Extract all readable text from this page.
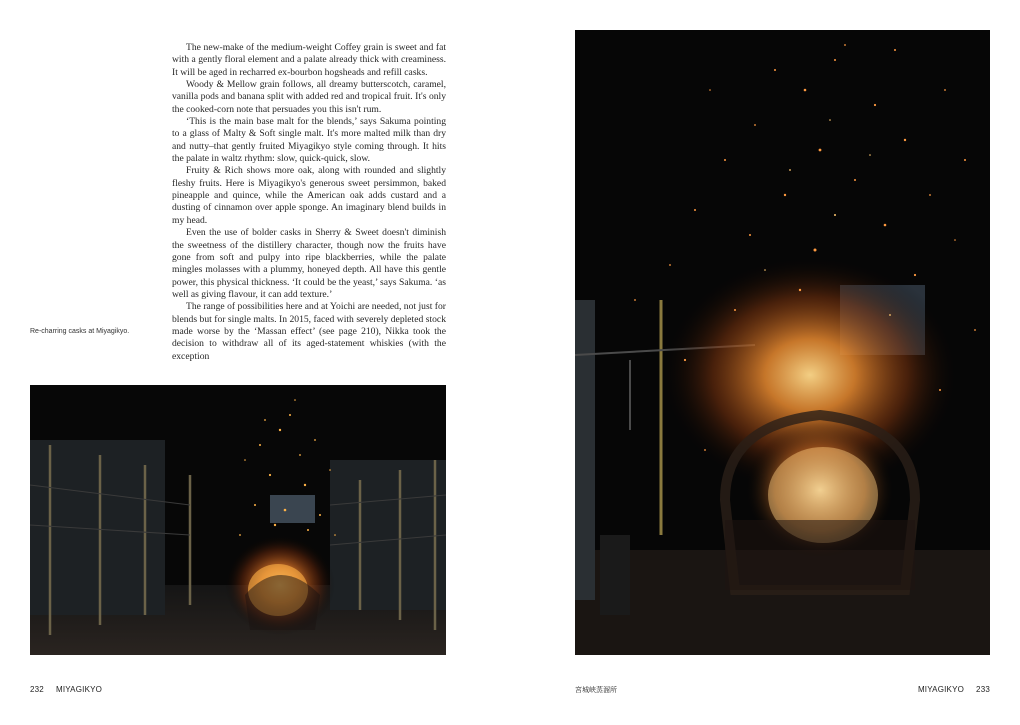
The new-make of the medium-weight Coffey grain is sweet and fat with a gently floral element and a palate already thick with creaminess. It will be aged in recharred ex-bourbon hogsheads and refill casks.

Woody & Mellow grain follows, all dreamy butterscotch, caramel, vanilla pods and banana split with added red and tropical fruit. It's only the cooked-corn note that persuades you this isn't rum.

‘This is the main base malt for the blends,’ says Sakuma pointing to a glass of Malty & Soft single malt. It's more malted milk than dry and nutty–that gently fruited Miyagikyo style coming through. It hits the palate in waltz rhythm: slow, quick-quick, slow.

Fruity & Rich shows more oak, along with rounded and slightly fleshy fruits. Here is Miyagikyo's generous sweet persimmon, baked pineapple and quince, while the American oak adds custard and a dusting of cinnamon over apple sponge. An imaginary blend builds in my head.

Even the use of bolder casks in Sherry & Sweet doesn't diminish the sweetness of the distillery character, though now the fruits have gone from soft and pulpy into ripe blackberries, while the palate mingles molasses with a plummy, honeyed depth. All have this gentle power, this physical thickness. ‘It could be the yeast,’ says Sakuma. ‘as well as giving flavour, it can add texture.’

The range of possibilities here and at Yoichi are needed, not just for blends but for single malts. In 2015, faced with severely depleted stock made worse by the ‘Massan effect’ (see page 210), Nikka took the decision to withdraw all of its aged-statement whiskies (with the exception

Re-charring casks at Miyagikyo.
232 MIYAGIKYO	宮城峡蒸溜所	MIYAGIKYO 233
